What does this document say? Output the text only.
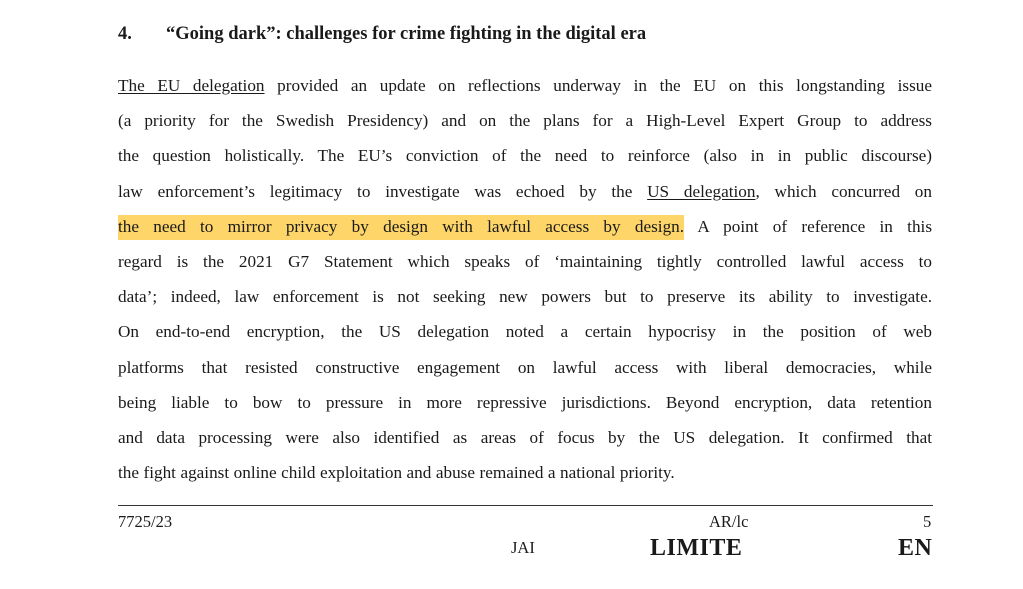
4. “Going dark”: challenges for crime fighting in the digital era
The EU delegation provided an update on reflections underway in the EU on this longstanding issue
(a priority for the Swedish Presidency) and on the plans for a High-Level Expert Group to address
the question holistically. The EU’s conviction of the need to reinforce (also in in public discourse)
law enforcement’s legitimacy to investigate was echoed by the US delegation, which concurred on
the need to mirror privacy by design with lawful access by design. A point of reference in this
regard is the 2021 G7 Statement which speaks of ‘maintaining tightly controlled lawful access to
data’; indeed, law enforcement is not seeking new powers but to preserve its ability to investigate.
On end-to-end encryption, the US delegation noted a certain hypocrisy in the position of web
platforms that resisted constructive engagement on lawful access with liberal democracies, while
being liable to bow to pressure in more repressive jurisdictions. Beyond encryption, data retention
and data processing were also identified as areas of focus by the US delegation. It confirmed that
the fight against online child exploitation and abuse remained a national priority.
7725/23	AR/lc	5
JAI	LIMITE	EN
